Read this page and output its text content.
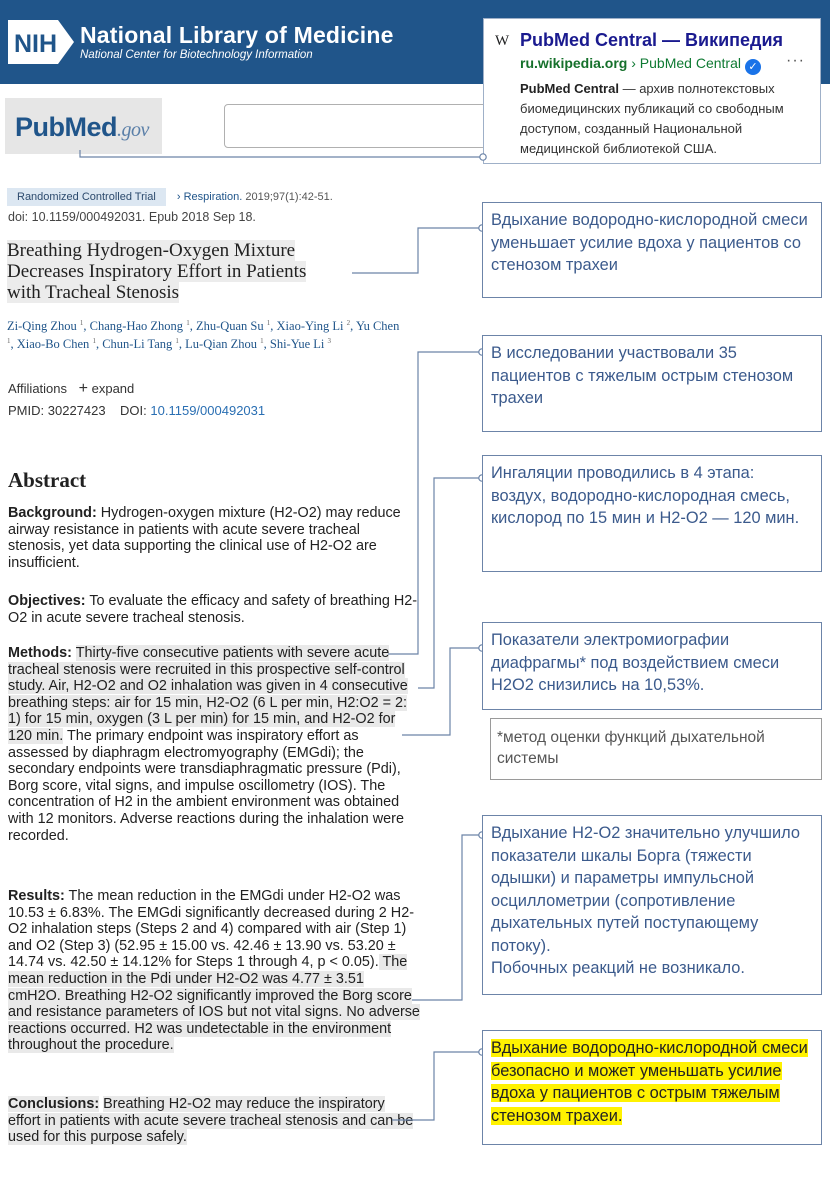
NIH National Library of Medicine
National Center for Biotechnology Information
PubMed.gov
W PubMed Central — Википедия
ru.wikipedia.org › PubMed Central ✓ ···
PubMed Central — архив полнотекстовых биомедицинских публикаций со свободным доступом, созданный Национальной медицинской библиотекой США.
Randomized Controlled Trial › Respiration. 2019;97(1):42-51.
doi: 10.1159/000492031. Epub 2018 Sep 18.
Breathing Hydrogen-Oxygen Mixture
Decreases Inspiratory Effort in Patients
with Tracheal Stenosis
Zi-Qing Zhou $^1$, Chang-Hao Zhong $^1$, Zhu-Quan Su $^1$, Xiao-Ying Li $^2$, Yu Chen $^1$, Xiao-Bo Chen $^1$, Chun-Li Tang $^1$, Lu-Qian Zhou $^1$, Shi-Yue Li $^3$
Affiliations + expand
PMID: 30227423 DOI: 10.1159/000492031
Abstract
Background: Hydrogen-oxygen mixture (H2-O2) may reduce airway resistance in patients with acute severe tracheal stenosis, yet data supporting the clinical use of H2-O2 are insufficient.
Objectives: To evaluate the efficacy and safety of breathing H2-O2 in acute severe tracheal stenosis.
Methods: Thirty-five consecutive patients with severe acute tracheal stenosis were recruited in this prospective self-control study. Air, H2-O2 and O2 inhalation was given in 4 consecutive breathing steps: air for 15 min, H2-O2 (6 L per min, H2:O2 = 2: 1) for 15 min, oxygen (3 L per min) for 15 min, and H2-O2 for 120 min. The primary endpoint was inspiratory effort as assessed by diaphragm electromyography (EMGdi); the secondary endpoints were transdiaphragmatic pressure (Pdi), Borg score, vital signs, and impulse oscillometry (IOS). The concentration of H2 in the ambient environment was obtained with 12 monitors. Adverse reactions during the inhalation were recorded.
Results: The mean reduction in the EMGdi under H2-O2 was 10.53 ± 6.83%. The EMGdi significantly decreased during 2 H2-O2 inhalation steps (Steps 2 and 4) compared with air (Step 1) and O2 (Step 3) (52.95 ± 15.00 vs. 42.46 ± 13.90 vs. 53.20 ± 14.74 vs. 42.50 ± 14.12% for Steps 1 through 4, p < 0.05). The mean reduction in the Pdi under H2-O2 was 4.77 ± 3.51 cmH2O. Breathing H2-O2 significantly improved the Borg score and resistance parameters of IOS but not vital signs. No adverse reactions occurred. H2 was undetectable in the environment throughout the procedure.
Conclusions: Breathing H2-O2 may reduce the inspiratory effort in patients with acute severe tracheal stenosis and can be used for this purpose safely.
Вдыхание водородно-кислородной смеси уменьшает усилие вдоха у пациентов со стенозом трахеи
В исследовании участвовали 35 пациентов с тяжелым острым стенозом трахеи
Ингаляции проводились в 4 этапа: воздух, водородно-кислородная смесь, кислород по 15 мин и H2-O2 — 120 мин.
Показатели электромиографии диафрагмы* под воздействием смеси H2O2 снизились на 10,53%.
*метод оценки функций дыхательной системы
Вдыхание H2-O2 значительно улучшило показатели шкалы Борга (тяжести одышки) и параметры импульсной осциллометрии (сопротивление дыхательных путей поступающему потоку).
Побочных реакций не возникало.
Вдыхание водородно-кислородной смеси безопасно и может уменьшать усилие вдоха у пациентов с острым тяжелым стенозом трахеи.
